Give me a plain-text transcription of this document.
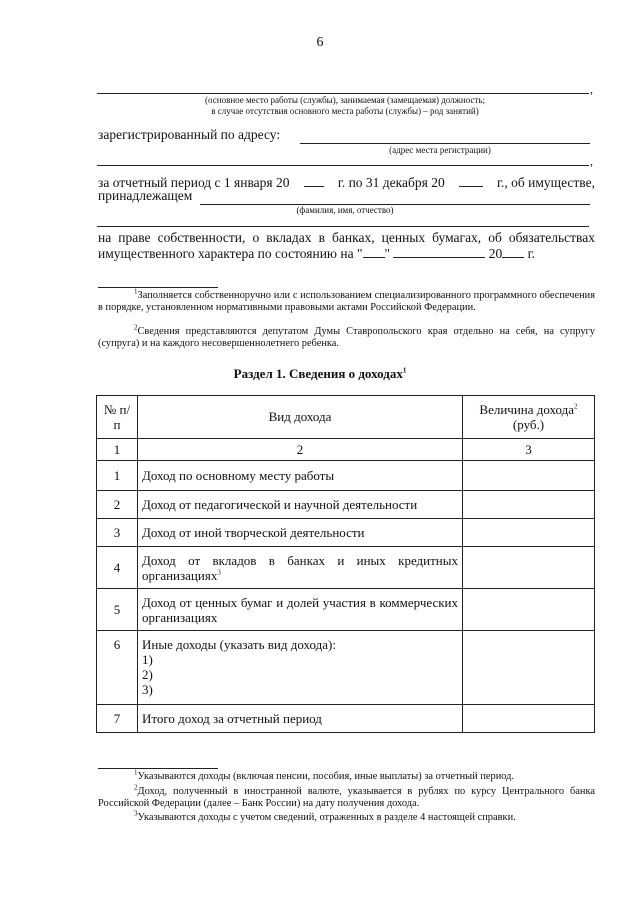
6
,
(основное место работы (службы), занимаемая (замещаемая) должность;
в случае отсутствия основного места работы (службы) – род занятий)
зарегистрированный по адресу:
(адрес места регистрации)
,
за отчетный период с 1 января 20	г. по 31 декабря 20	г., об имуществе,
принадлежащем
(фамилия, имя, отчество)
на праве собственности, о вкладах в банках, ценных бумагах, об обязательствах
имущественного характера по состоянию на " "	20 г.
$^1$Заполняется собственноручно или с использованием специализированного программного обеспечения в порядке, установленном нормативными правовыми актами Российской Федерации.
$^2$Сведения представляются депутатом Думы Ставропольского края отдельно на себя, на супругу (супруга) и на каждого несовершеннолетнего ребенка.
Раздел 1. Сведения о доходах$^1$
№ п/п	Вид дохода	Величина дохода$^2$
(руб.)
1	2	3
1	Доход по основному месту работы	
2	Доход от педагогической и научной деятельности	
3	Доход от иной творческой деятельности	
4	Доход от вкладов в банках и иных кредитных организациях$^3$	
5	Доход от ценных бумаг и долей участия в коммерческих организациях	
6	Иные доходы (указать вид дохода):
1)
2)
3)	

7	Итого доход за отчетный период	
$^1$Указываются доходы (включая пенсии, пособия, иные выплаты) за отчетный период.
$^2$Доход, полученный в иностранной валюте, указывается в рублях по курсу Центрального банка Российской Федерации (далее – Банк России) на дату получения дохода.
$^3$Указываются доходы с учетом сведений, отраженных в разделе 4 настоящей справки.
